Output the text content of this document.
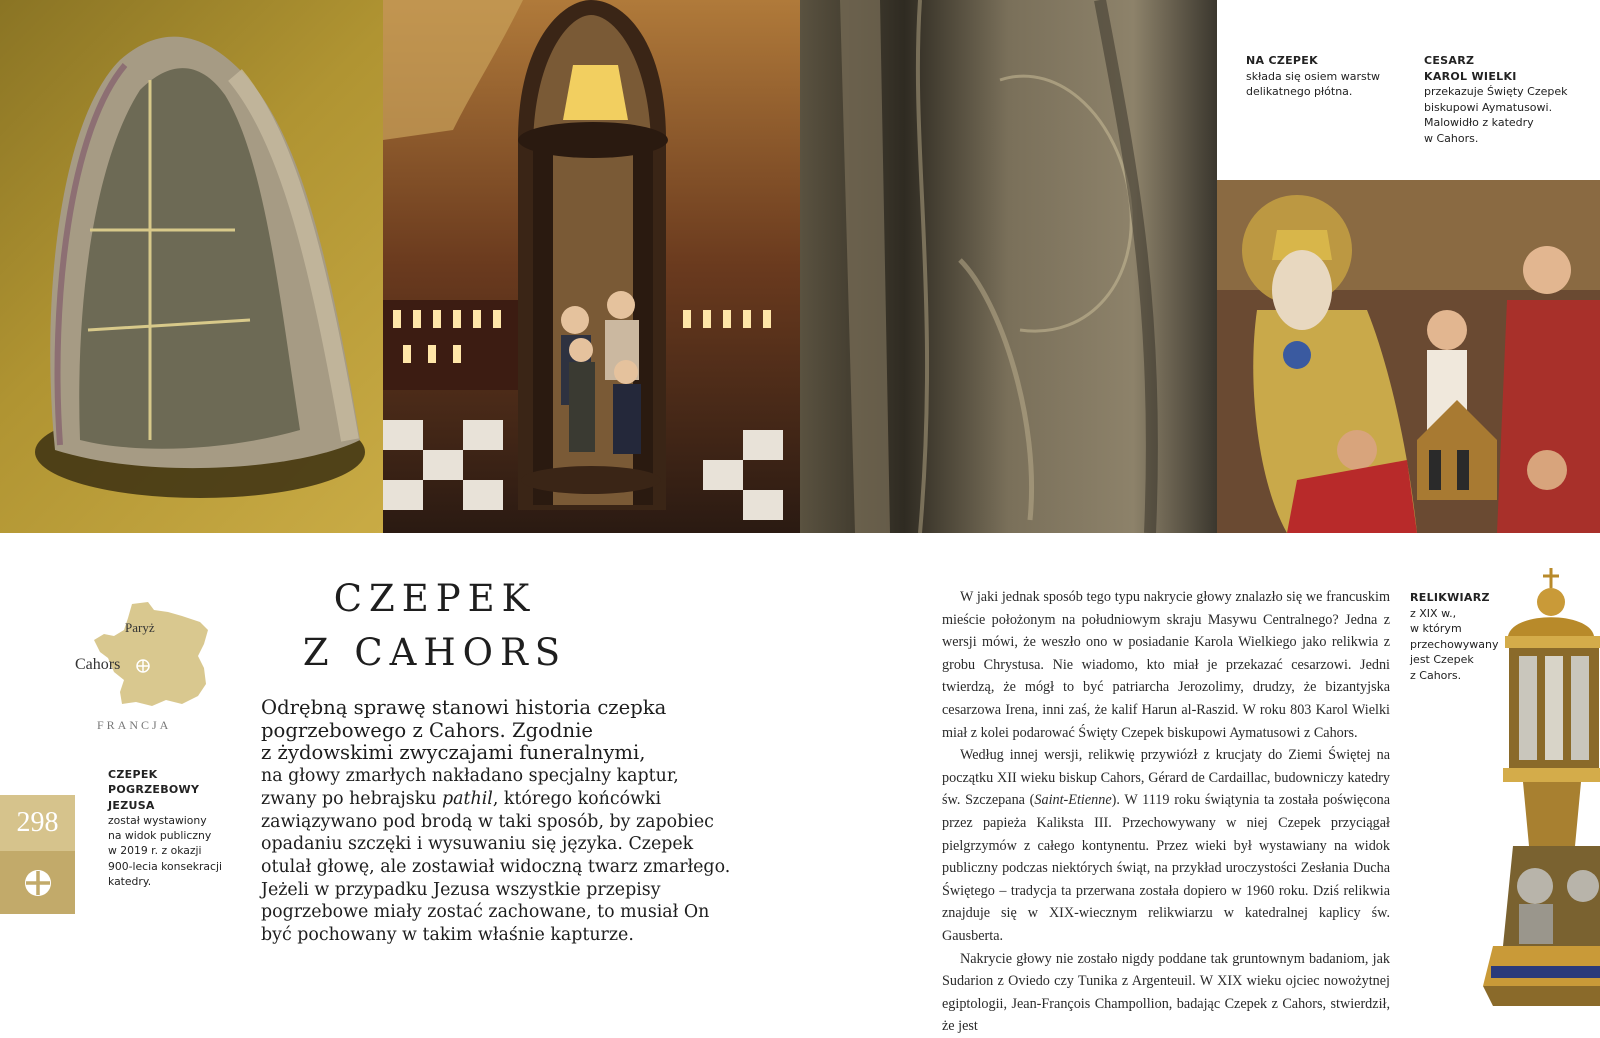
NA CZEPEK
składa się osiem warstw
delikatnego płótna.
CESARZ
KAROL WIELKI
przekazuje Święty Czepek
biskupowi Aymatusowi.
Malowidło z katedry
w Cahors.
Paryż
Cahors
FRANCJA
CZEPEK
POGRZEBOWY
JEZUSA
został wystawiony
na widok publiczny
w 2019 r. z okazji
900-lecia konsekracji
katedry.
298
CZEPEK
Z CAHORS
Odrębną sprawę stanowi historia czepka
pogrzebowego z Cahors. Zgodnie
z żydowskimi zwyczajami funeralnymi,
na głowy zmarłych nakładano specjalny kaptur,
zwany po hebrajsku pathil, którego końcówki
zawiązywano pod brodą w taki sposób, by zapobiec
opadaniu szczęki i wysuwaniu się języka. Czepek
otulał głowę, ale zostawiał widoczną twarz zmarłego.
Jeżeli w przypadku Jezusa wszystkie przepisy
pogrzebowe miały zostać zachowane, to musiał On
być pochowany w takim właśnie kapturze.

W jaki jednak sposób tego typu nakrycie głowy znalazło się we francuskim mieście położonym na południowym skraju Masywu Centralnego? Jedna z wersji mówi, że weszło ono w posiadanie Karola Wielkiego jako relikwia z grobu Chrystusa. Nie wiadomo, kto miał je przekazać cesarzowi. Jedni twierdzą, że mógł to być patriarcha Jerozolimy, drudzy, że bizantyjska cesarzowa Irena, inni zaś, że kalif Harun al-Raszid. W roku 803 Karol Wielki miał z kolei podarować Święty Czepek biskupowi Aymatusowi z Cahors.

Według innej wersji, relikwię przywiózł z krucjaty do Ziemi Świętej na początku XII wieku biskup Cahors, Gérard de Cardaillac, budowniczy katedry św. Szczepana (Saint-Etienne). W 1119 roku świątynia ta została poświęcona przez papieża Kaliksta III. Przechowywany w niej Czepek przyciągał pielgrzymów z całego kontynentu. Przez wieki był wystawiany na widok publiczny podczas niektórych świąt, na przykład uroczystości Zesłania Ducha Świętego – tradycja ta przerwana została dopiero w 1960 roku. Dziś relikwia znajduje się w XIX-wiecznym relikwiarzu w katedralnej kaplicy św. Gausberta.

Nakrycie głowy nie zostało nigdy poddane tak gruntownym badaniom, jak Sudarion z Oviedo czy Tunika z Argenteuil. W XIX wieku ojciec nowożytnej egiptologii, Jean-François Champollion, badając Czepek z Cahors, stwierdził, że jest

RELIKWIARZ
z XIX w.,
w którym
przechowywany
jest Czepek
z Cahors.
